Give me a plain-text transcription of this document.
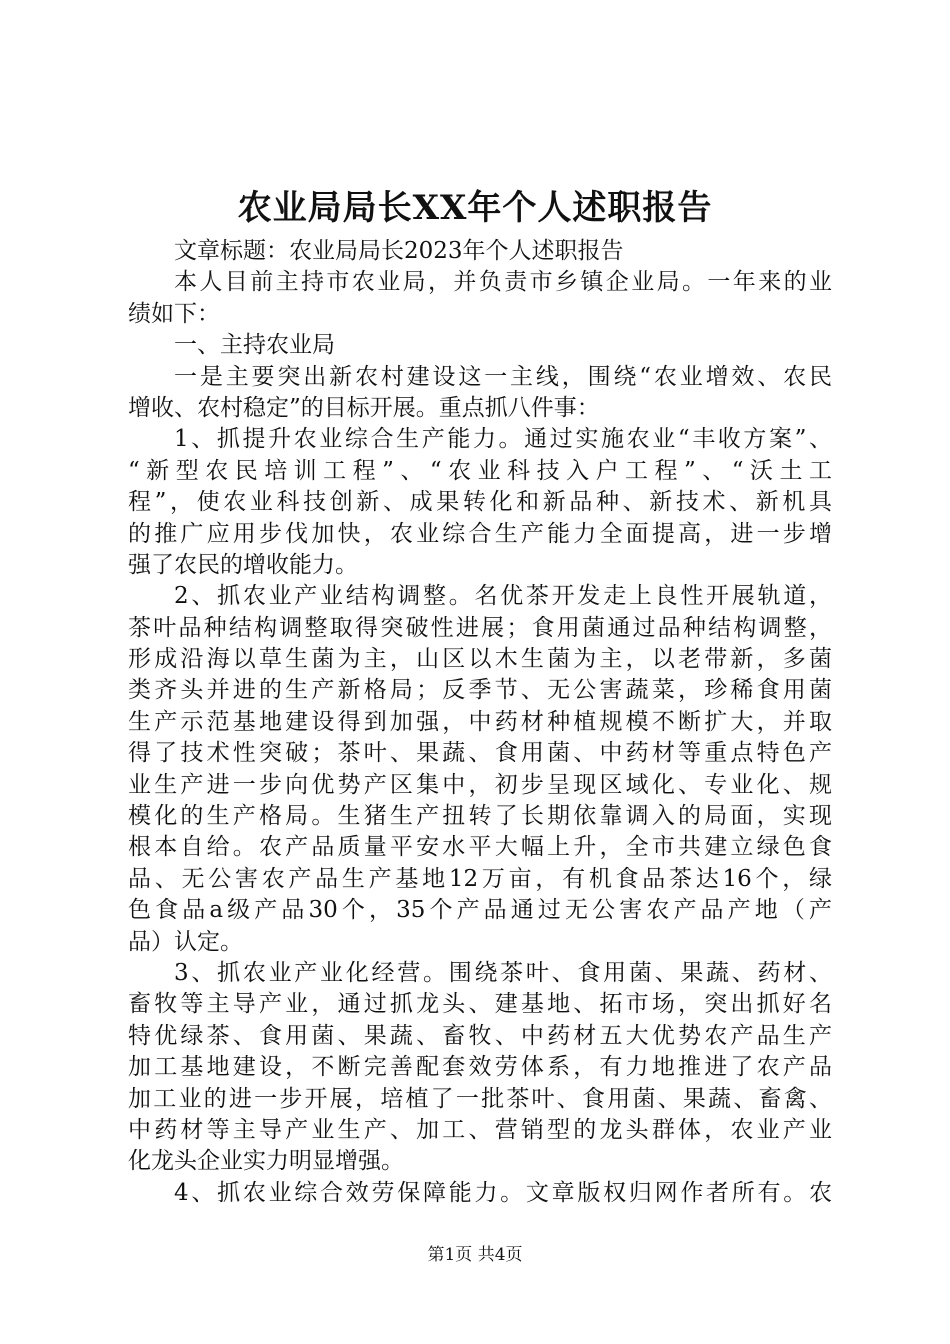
农业局局长XX年个人述职报告
文章标题：农业局局长2023年个人述职报告
本人目前主持市农业局，并负责市乡镇企业局。一年来的业
绩如下：
一、主持农业局
一是主要突出新农村建设这一主线，围绕“农业增效、农民
增收、农村稳定”的目标开展。重点抓八件事：
1、抓提升农业综合生产能力。通过实施农业“丰收方案”、
“新型农民培训工程”、“农业科技入户工程”、“沃土工
程”，使农业科技创新、成果转化和新品种、新技术、新机具
的推广应用步伐加快，农业综合生产能力全面提高，进一步增
强了农民的增收能力。
2、抓农业产业结构调整。名优茶开发走上良性开展轨道，
茶叶品种结构调整取得突破性进展；食用菌通过品种结构调整，
形成沿海以草生菌为主，山区以木生菌为主，以老带新，多菌
类齐头并进的生产新格局；反季节、无公害蔬菜，珍稀食用菌
生产示范基地建设得到加强，中药材种植规模不断扩大，并取
得了技术性突破；茶叶、果蔬、食用菌、中药材等重点特色产
业生产进一步向优势产区集中，初步呈现区域化、专业化、规
模化的生产格局。生猪生产扭转了长期依靠调入的局面，实现
根本自给。农产品质量平安水平大幅上升，全市共建立绿色食
品、无公害农产品生产基地12万亩，有机食品茶达16个，绿
色食品a级产品30个，35个产品通过无公害农产品产地（产
品）认定。
3、抓农业产业化经营。围绕茶叶、食用菌、果蔬、药材、
畜牧等主导产业，通过抓龙头、建基地、拓市场，突出抓好名
特优绿茶、食用菌、果蔬、畜牧、中药材五大优势农产品生产
加工基地建设，不断完善配套效劳体系，有力地推进了农产品
加工业的进一步开展，培植了一批茶叶、食用菌、果蔬、畜禽、
中药材等主导产业生产、加工、营销型的龙头群体，农业产业
化龙头企业实力明显增强。
4、抓农业综合效劳保障能力。文章版权归网作者所有。农
第1页 共4页
